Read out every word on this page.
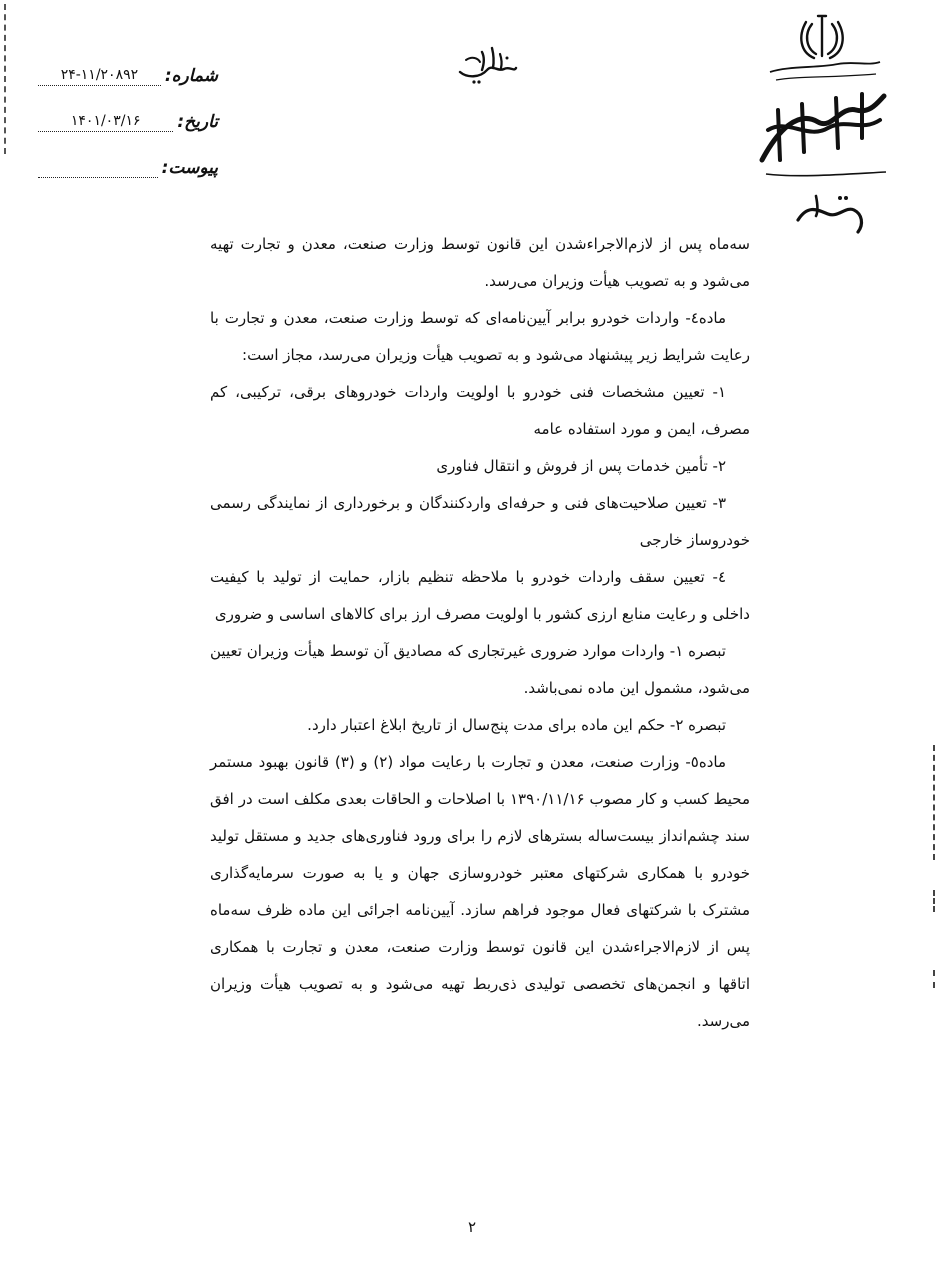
شماره:
۲۴-۱۱/۲۰۸۹۲
تاریخ:
۱۴۰۱/۰۳/۱۶
پیوست:

سه‌ماه پس از لازم‌الاجراءشدن این قانون توسط وزارت صنعت، معدن و تجارت تهیه می‌شود و به تصویب هیأت وزیران می‌رسد.

ماده٤- واردات خودرو برابر آیین‌نامه‌ای که توسط وزارت صنعت، معدن و تجارت با رعایت شرایط زیر پیشنهاد می‌شود و به تصویب هیأت وزیران می‌رسد، مجاز است:

۱- تعیین مشخصات فنی خودرو با اولویت واردات خودروهای برقی، ترکیبی، کم مصرف، ایمن و مورد استفاده عامه

۲- تأمین خدمات پس از فروش و انتقال فناوری

۳- تعیین صلاحیت‌های فنی و حرفه‌ای واردکنندگان و برخورداری از نمایندگی رسمی خودروساز خارجی

٤- تعیین سقف واردات خودرو با ملاحظه تنظیم بازار، حمایت از تولید با کیفیت داخلی و رعایت منابع ارزی کشور با اولویت مصرف ارز برای کالاهای اساسی و ضروری

تبصره ۱- واردات موارد ضروری غیرتجاری که مصادیق آن توسط هیأت وزیران تعیین می‌شود، مشمول این ماده نمی‌باشد.

تبصره ۲- حکم این ماده برای مدت پنج‌سال از تاریخ ابلاغ اعتبار دارد.

ماده٥- وزارت صنعت، معدن و تجارت با رعایت مواد (۲) و (۳) قانون بهبود مستمر محیط کسب و کار مصوب ۱۳۹۰/۱۱/۱۶ با اصلاحات و الحاقات بعدی مکلف است در افق سند چشم‌انداز بیست‌ساله بسترهای لازم را برای ورود فناوری‌های جدید و مستقل تولید خودرو با همکاری شرکتهای معتبر خودروسازی جهان و یا به صورت سرمایه‌گذاری مشترک با شرکتهای فعال موجود فراهم سازد. آیین‌نامه اجرائی این ماده ظرف سه‌ماه پس از لازم‌الاجراءشدن این قانون توسط وزارت صنعت، معدن و تجارت با همکاری اتاقها و انجمن‌های تخصصی تولیدی ذی‌ربط تهیه می‌شود و به تصویب هیأت وزیران می‌رسد.

۲
